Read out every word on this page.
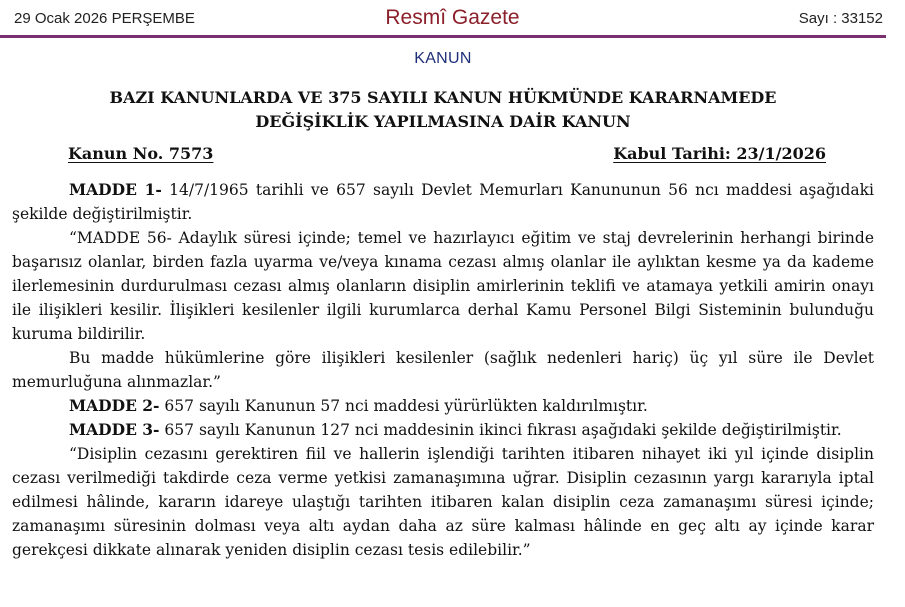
29 Ocak 2026 PERŞEMBE	Resmî Gazete	Sayı : 33152
KANUN
BAZI KANUNLARDA VE 375 SAYILI KANUN HÜKMÜNDE KARARNAMEDE
DEĞİŞİKLİK YAPILMASINA DAİR KANUN
Kanun No. 7573	Kabul Tarihi: 23/1/2026

MADDE 1- 14/7/1965 tarihli ve 657 sayılı Devlet Memurları Kanununun 56 ncı maddesi aşağıdaki şekilde değiştirilmiştir.

“MADDE 56- Adaylık süresi içinde; temel ve hazırlayıcı eğitim ve staj devrelerinin herhangi birinde başarısız olanlar, birden fazla uyarma ve/veya kınama cezası almış olanlar ile aylıktan kesme ya da kademe ilerlemesinin durdurulması cezası almış olanların disiplin amirlerinin teklifi ve atamaya yetkili amirin onayı ile ilişikleri kesilir. İlişikleri kesilenler ilgili kurumlarca derhal Kamu Personel Bilgi Sisteminin bulunduğu kuruma bildirilir.

Bu madde hükümlerine göre ilişikleri kesilenler (sağlık nedenleri hariç) üç yıl süre ile Devlet memurluğuna alınmazlar.”

MADDE 2- 657 sayılı Kanunun 57 nci maddesi yürürlükten kaldırılmıştır.

MADDE 3- 657 sayılı Kanunun 127 nci maddesinin ikinci fıkrası aşağıdaki şekilde değiştirilmiştir.

“Disiplin cezasını gerektiren fiil ve hallerin işlendiği tarihten itibaren nihayet iki yıl içinde disiplin cezası verilmediği takdirde ceza verme yetkisi zamanaşımına uğrar. Disiplin cezasının yargı kararıyla iptal edilmesi hâlinde, kararın idareye ulaştığı tarihten itibaren kalan disiplin ceza zamanaşımı süresi içinde; zamanaşımı süresinin dolması veya altı aydan daha az süre kalması hâlinde en geç altı ay içinde karar gerekçesi dikkate alınarak yeniden disiplin cezası tesis edilebilir.”
